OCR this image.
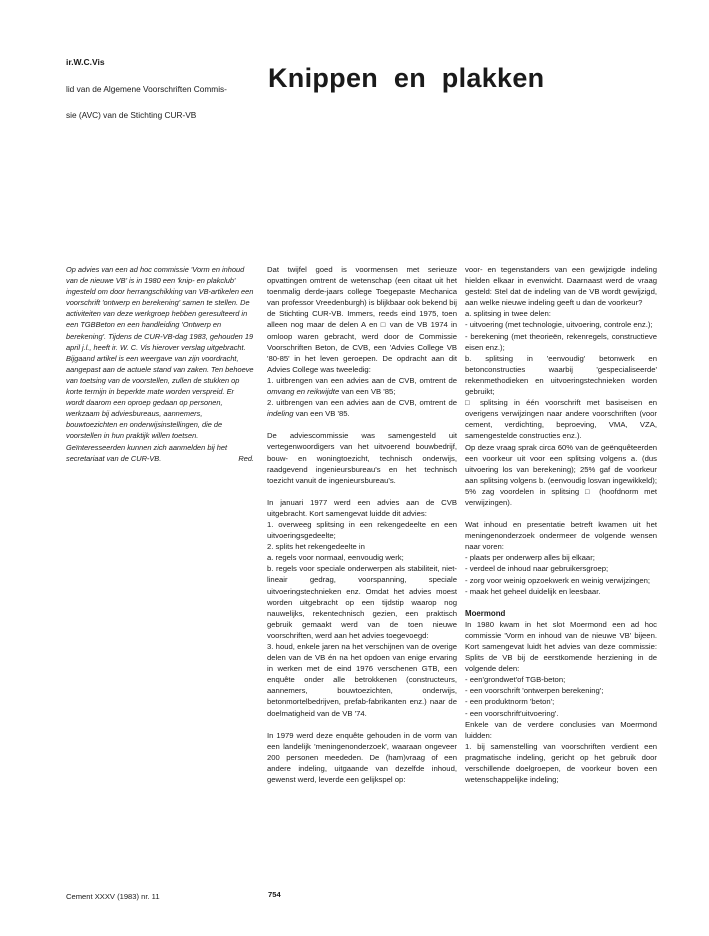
ir.W.C.Vis
lid van de Algemene Voorschriften Commis-
sie (AVC) van de Stichting CUR-VB
Knippen en plakken

Op advies van een ad hoc commissie 'Vorm en inhoud van de nieuwe VB' is in 1980 een 'knip- en plakclub' ingesteld om door herrangschikking van VB-artikelen een voorschrift 'ontwerp en berekening' samen te stellen. De activiteiten van deze werkgroep hebben geresulteerd in een TGBBeton en een handleiding 'Ontwerp en berekening'. Tijdens de CUR-VB-dag 1983, gehouden 19 april j.l., heeft ir. W. C. Vis hierover verslag uitgebracht. Bijgaand artikel is een weergave van zijn voordracht, aangepast aan de actuele stand van zaken. Ten behoeve van toetsing van de voorstellen, zullen de stukken op korte termijn in beperkte mate worden verspreid. Er wordt daarom een oproep gedaan op personen, werkzaam bij adviesbureaus, aannemers, bouwtoezichten en onderwijsinstellingen, die de voorstellen in hun praktijk willen toetsen. Geïnteresseerden kunnen zich aanmelden bij het secretariaat van de CUR-VB.	Red.

Dat twijfel goed is voormensen met serieuze opvattingen omtrent de wetenschap (een citaat uit het toenmalig derde-jaars college Toegepaste Mechanica van professor Vreedenburgh) is blijkbaar ook bekend bij de Stichting CUR-VB. Immers, reeds eind 1975, toen alleen nog maar de delen A en □ van de VB 1974 in omloop waren gebracht, werd door de Commissie Voorschriften Beton, de CVB, een 'Advies College VB '80-85' in het leven geroepen. De opdracht aan dit Advies College was tweeledig:

1. uitbrengen van een advies aan de CVB, omtrent de omvang en reikwijdte van een VB '85;

2. uitbrengen van een advies aan de CVB, omtrent de indeling van een VB '85.

De adviescommissie was samengesteld uit vertegenwoordigers van het uitvoerend bouwbedrijf, bouw- en woningtoezicht, technisch onderwijs, raadgevend ingenieursbureau's en het technisch toezicht vanuit de ingenieursbureau's.

In januari 1977 werd een advies aan de CVB uitgebracht. Kort samengevat luidde dit advies:

1. overweeg splitsing in een rekengedeelte en een uitvoeringsgedeelte;
2. splits het rekengedeelte in
a. regels voor normaal, eenvoudig werk;
b. regels voor speciale onderwerpen als stabiliteit, niet-lineair gedrag, voorspanning, speciale uitvoeringstechnieken enz. Omdat het advies moest worden uitgebracht op een tijdstip waarop nog nauwelijks, rekentechnisch gezien, een praktisch gebruik gemaakt werd van de toen nieuwe voorschriften, werd aan het advies toegevoegd:
3. houd, enkele jaren na het verschijnen van de overige delen van de VB én na het opdoen van enige ervaring in werken met de eind 1976 verschenen GTB, een enquête onder alle betrokkenen (constructeurs, aannemers, bouwtoezichten, onderwijs, betonmortelbedrijven, prefab-fabrikanten enz.) naar de doelmatigheid van de VB '74.

In 1979 werd deze enquête gehouden in de vorm van een landelijk 'meningenonderzoek', waaraan ongeveer 200 personen meededen. De (ham)vraag of een andere indeling, uitgaande van dezelfde inhoud, gewenst werd, leverde een gelijkspel op:

voor- en tegenstanders van een gewijzigde indeling hielden elkaar in evenwicht. Daarnaast werd de vraag gesteld: Stel dat de indeling van de VB wordt gewijzigd, aan welke nieuwe indeling geeft u dan de voorkeur?

a. splitsing in twee delen:
- uitvoering (met technologie, uitvoering, controle enz.);
- berekening (met theorieën, rekenregels, constructieve eisen enz.);
b. splitsing in 'eenvoudig' betonwerk en betonconstructies waarbij 'gespecialiseerde' rekenmethodieken en uitvoeringstechnieken worden gebruikt;
□ splitsing in één voorschrift met basiseisen en overigens verwijzingen naar andere voorschriften (voor cement, verdichting, beproeving, VMA, VZA, samengestelde constructies enz.).

Op deze vraag sprak circa 60% van de geënquêteerden een voorkeur uit voor een splitsing volgens a. (dus uitvoering los van berekening); 25% gaf de voorkeur aan splitsing volgens b. (eenvoudig losvan ingewikkeld); 5% zag voordelen in splitsing □ (hoofdnorm met verwijzingen).

Wat inhoud en presentatie betreft kwamen uit het meningenonderzoek ondermeer de volgende wensen naar voren:

- plaats per onderwerp alles bij elkaar;
- verdeel de inhoud naar gebruikersgroep;
- zorg voor weinig opzoekwerk en weinig verwijzingen;
- maak het geheel duidelijk en leesbaar.
Moermond

In 1980 kwam in het slot Moermond een ad hoc commissie 'Vorm en inhoud van de nieuwe VB' bijeen. Kort samengevat luidt het advies van deze commissie: Splits de VB bij de eerstkomende herziening in de volgende delen:

- een'grondwet'of TGB-beton;
- een voorschrift 'ontwerpen berekening';
- een produktnorm 'beton';
- een voorschrift'uitvoering'.

Enkele van de verdere conclusies van Moermond luidden:

1. bij samenstelling van voorschriften verdient een pragmatische indeling, gericht op het gebruik door verschillende doelgroepen, de voorkeur boven een wetenschappelijke indeling;

Cement XXXV (1983) nr. 11	754
